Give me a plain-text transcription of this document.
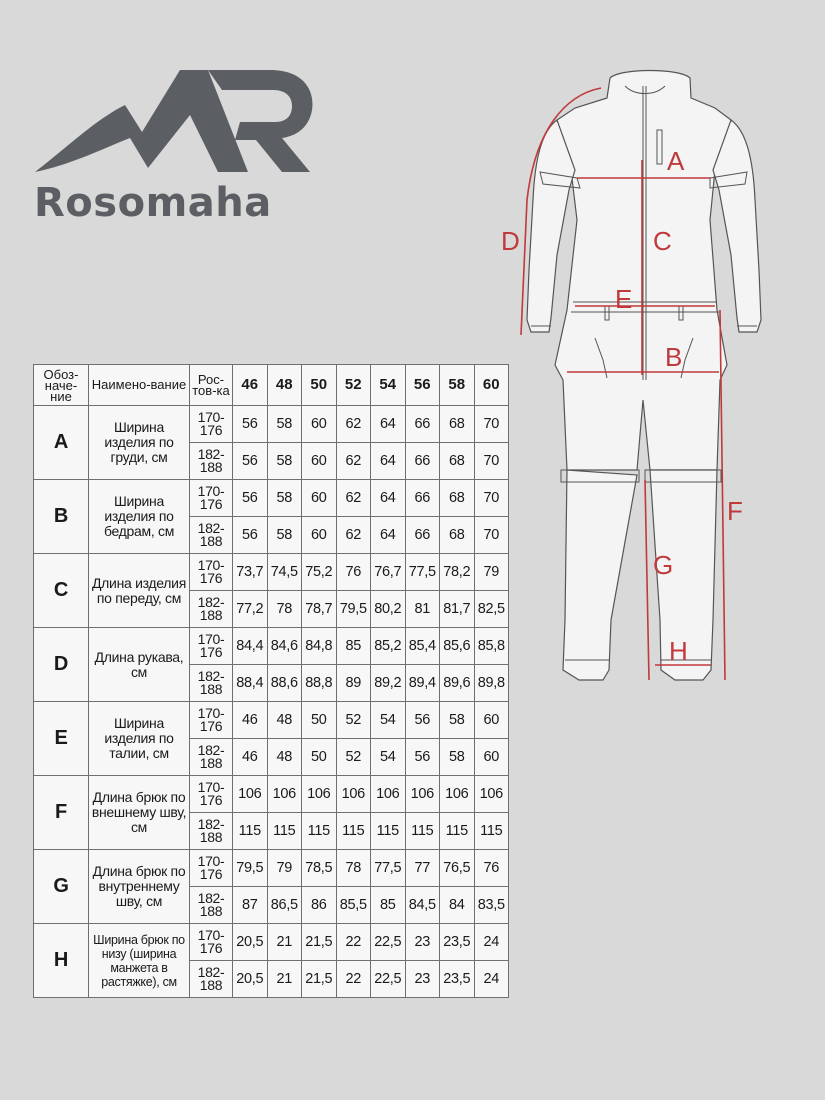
Rosomaha
A
B
C
D
E
F
G
H
Обоз-наче-ние	Наимено-вание	Рос-тов-ка	46	48	50	52	54	56	58	60
A	Ширина изделия по груди, см	170-176	56	58	60	62	64	66	68	70
		182-188	56	58	60	62	64	66	68	70
B	Ширина изделия по бедрам, см	170-176	56	58	60	62	64	66	68	70
		182-188	56	58	60	62	64	66	68	70
C	Длина изделия по переду, см	170-176	73,7	74,5	75,2	76	76,7	77,5	78,2	79
		182-188	77,2	78	78,7	79,5	80,2	81	81,7	82,5
D	Длина рукава, см	170-176	84,4	84,6	84,8	85	85,2	85,4	85,6	85,8
		182-188	88,4	88,6	88,8	89	89,2	89,4	89,6	89,8
E	Ширина изделия по талии, см	170-176	46	48	50	52	54	56	58	60
		182-188	46	48	50	52	54	56	58	60
F	Длина брюк по внешнему шву, см	170-176	106	106	106	106	106	106	106	106
		182-188	115	115	115	115	115	115	115	115
G	Длина брюк по внутреннему шву, см	170-176	79,5	79	78,5	78	77,5	77	76,5	76
		182-188	87	86,5	86	85,5	85	84,5	84	83,5
H	Ширина брюк по низу (ширина манжета в растяжке), см	170-176	20,5	21	21,5	22	22,5	23	23,5	24
		182-188	20,5	21	21,5	22	22,5	23	23,5	24
